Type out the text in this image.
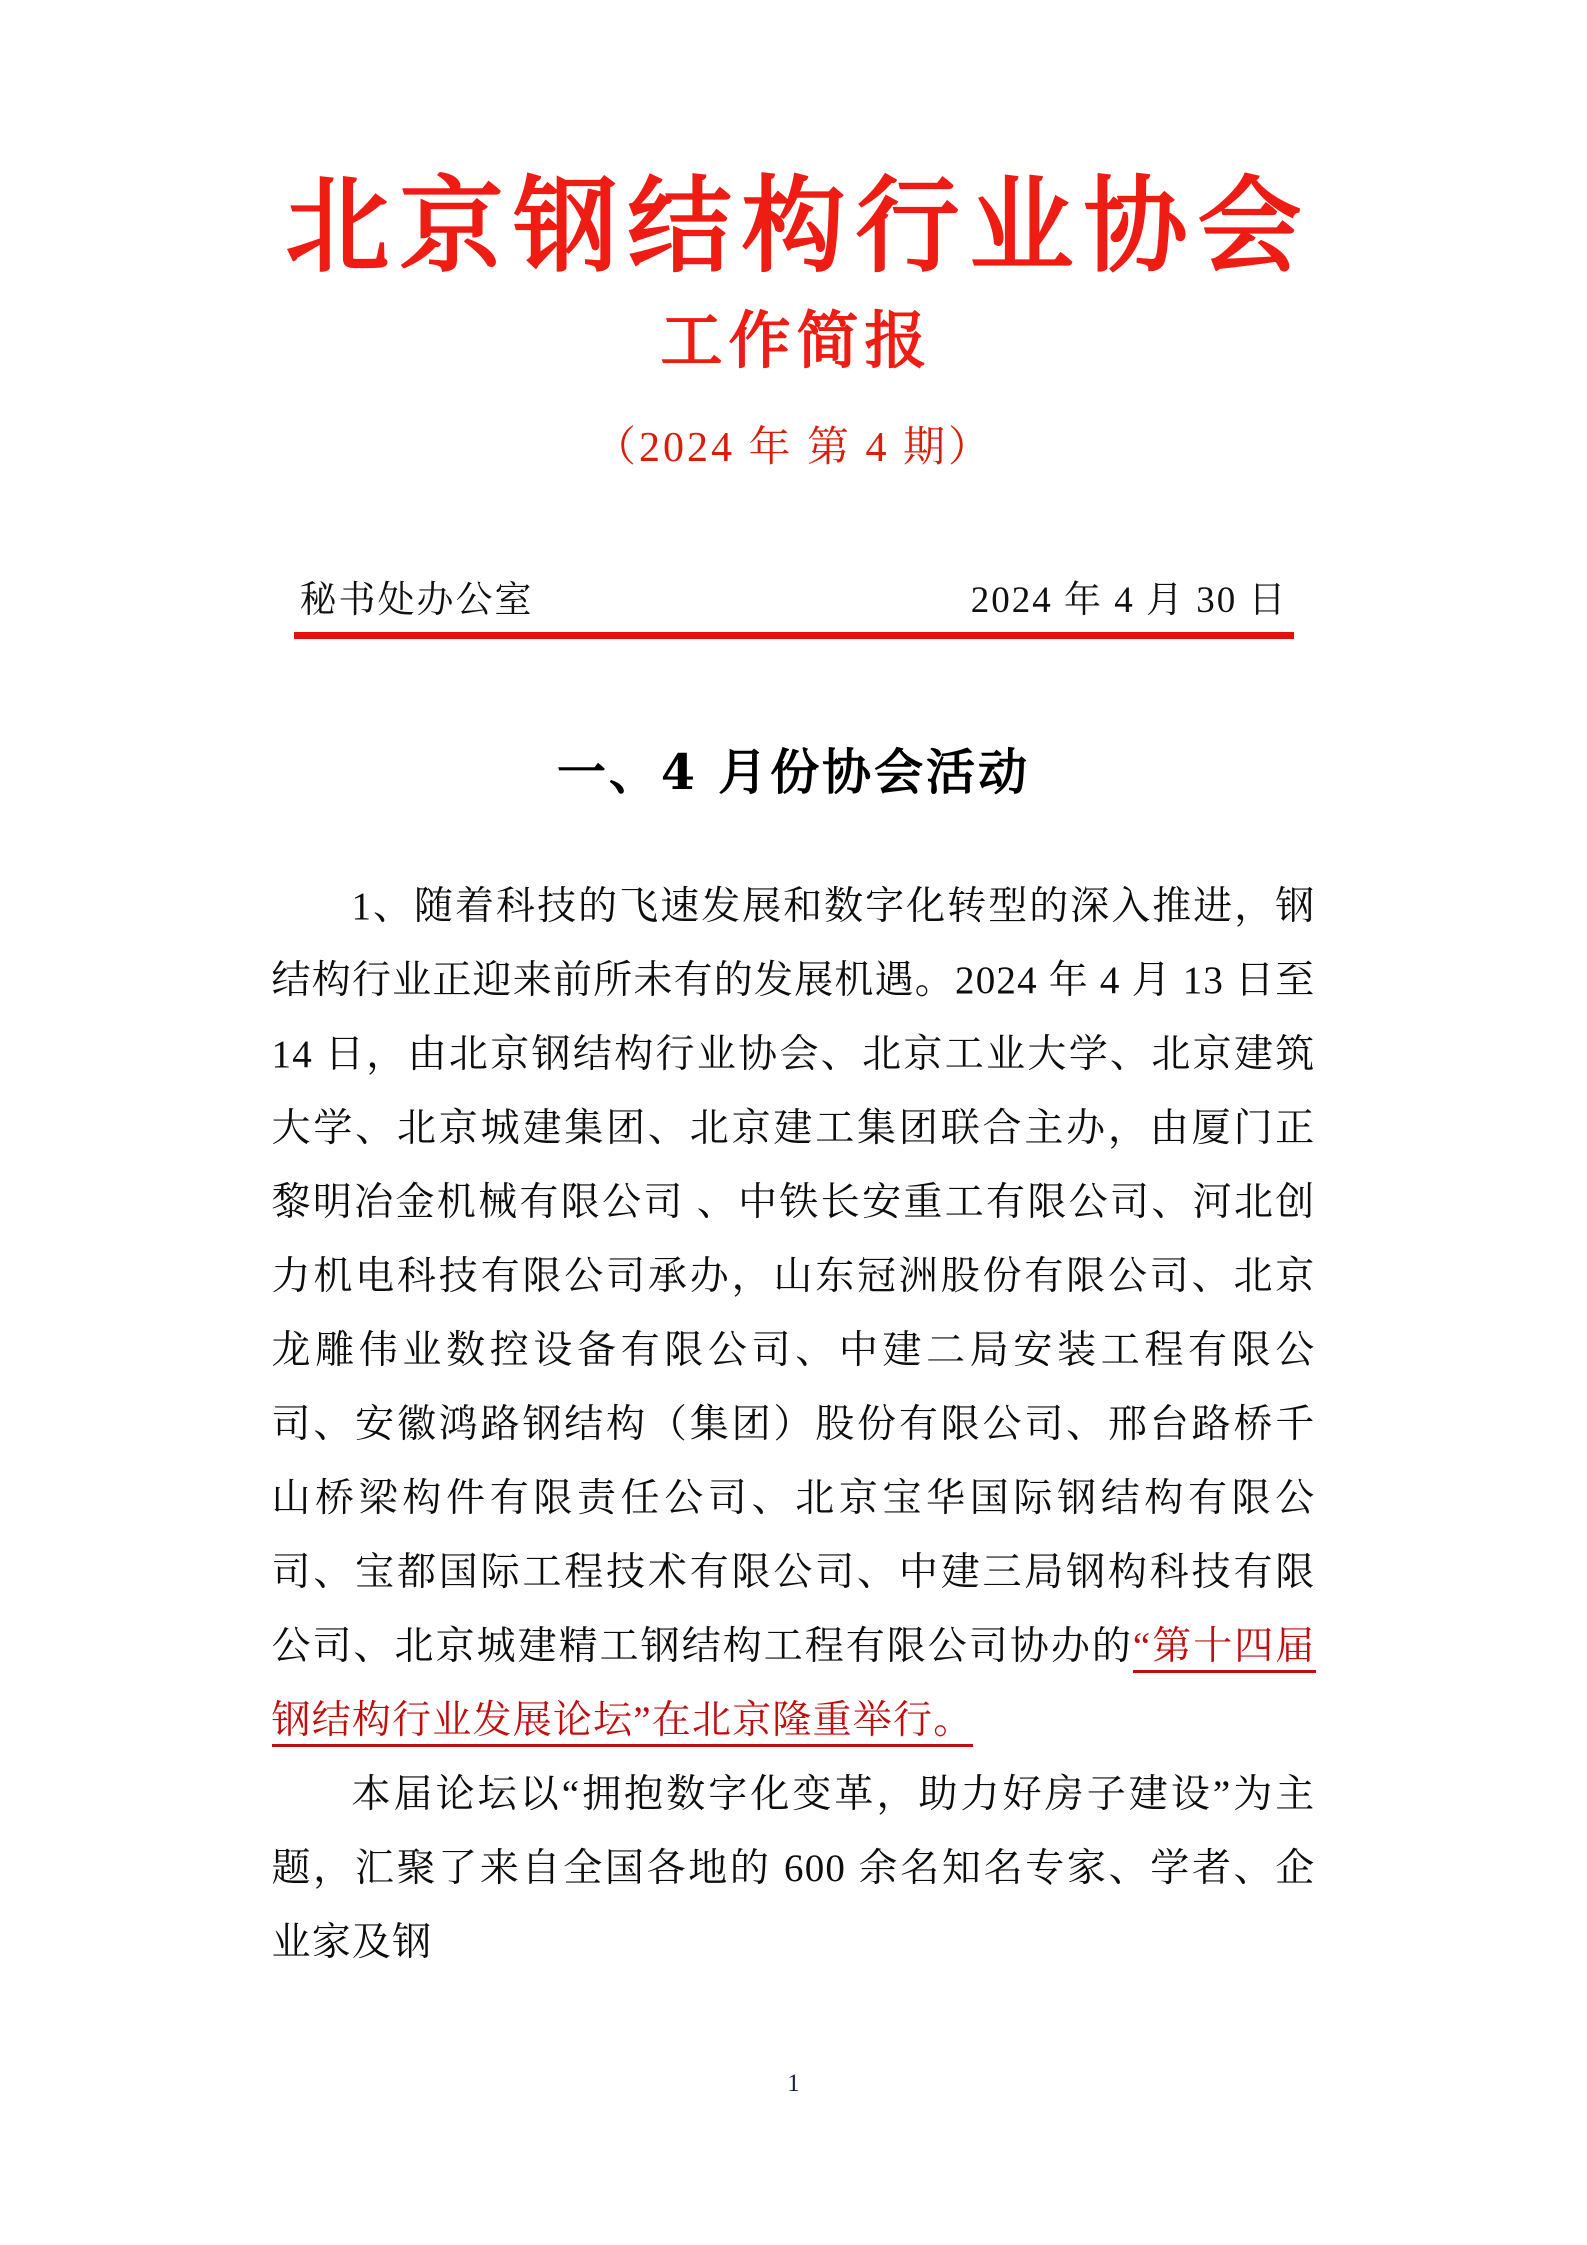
北京钢结构行业协会
工作简报
（2024 年 第 4 期）
秘书处办公室	2024 年 4 月 30 日
一、4 月份协会活动

1、随着科技的飞速发展和数字化转型的深入推进，钢结构行业正迎来前所未有的发展机遇。2024 年 4 月 13 日至 14 日，由北京钢结构行业协会、北京工业大学、北京建筑大学、北京城建集团、北京建工集团联合主办，由厦门正黎明冶金机械有限公司 、中铁长安重工有限公司、河北创力机电科技有限公司承办，山东冠洲股份有限公司、北京龙雕伟业数控设备有限公司、中建二局安装工程有限公司、安徽鸿路钢结构（集团）股份有限公司、邢台路桥千山桥梁构件有限责任公司、北京宝华国际钢结构有限公司、宝都国际工程技术有限公司、中建三局钢构科技有限公司、北京城建精工钢结构工程有限公司协办的“第十四届钢结构行业发展论坛”在北京隆重举行。

本届论坛以“拥抱数字化变革，助力好房子建设”为主题，汇聚了来自全国各地的 600 余名知名专家、学者、企业家及钢

1
